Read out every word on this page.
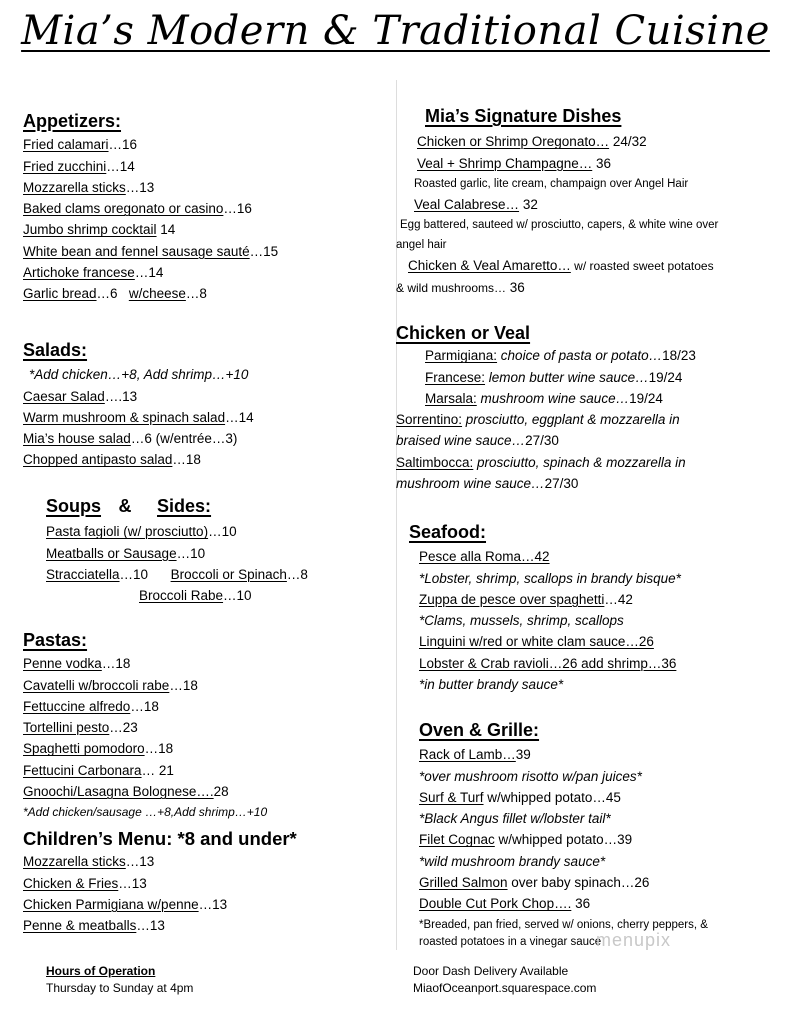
Mia’s Modern & Traditional Cuisine
Appetizers:
Fried calamari…16
Fried zucchini…14
Mozzarella sticks…13
Baked clams oregonato or casino…16
Jumbo shrimp cocktail 14
White bean and fennel sausage sauté…15
Artichoke francese…14
Garlic bread…6 w/cheese…8
Salads:
*Add chicken…+8, Add shrimp…+10
Caesar Salad….13
Warm mushroom & spinach salad…14
Mia’s house salad…6 (w/entrée…3)
Chopped antipasto salad…18
Soups & Sides:
Pasta fagioli (w/ prosciutto)…10
Meatballs or Sausage…10
Stracciatella…10 Broccoli or Spinach…8
Broccoli Rabe…10
Pastas:
Penne vodka…18
Cavatelli w/broccoli rabe…18
Fettuccine alfredo…18
Tortellini pesto…23
Spaghetti pomodoro…18
Fettucini Carbonara… 21
Gnoochi/Lasagna Bolognese….28
*Add chicken/sausage …+8,Add shrimp…+10
Children’s Menu: *8 and under*
Mozzarella sticks…13
Chicken & Fries…13
Chicken Parmigiana w/penne…13
Penne & meatballs…13
Mia’s Signature Dishes
Chicken or Shrimp Oregonato… 24/32
Veal + Shrimp Champagne… 36
Roasted garlic, lite cream, champaign over Angel Hair
Veal Calabrese… 32
Egg battered, sauteed w/ prosciutto, capers, & white wine over
angel hair
Chicken & Veal Amaretto… w/ roasted sweet potatoes
& wild mushrooms… 36
Chicken or Veal
Parmigiana: choice of pasta or potato…18/23
Francese: lemon butter wine sauce…19/24
Marsala: mushroom wine sauce…19/24
Sorrentino: prosciutto, eggplant & mozzarella in
braised wine sauce…27/30
Saltimbocca: prosciutto, spinach & mozzarella in
mushroom wine sauce…27/30
Seafood:
Pesce alla Roma…42
*Lobster, shrimp, scallops in brandy bisque*
Zuppa de pesce over spaghetti…42
*Clams, mussels, shrimp, scallops
Linguini w/red or white clam sauce…26
Lobster & Crab ravioli…26 add shrimp…36
*in butter brandy sauce*
Oven & Grille:
Rack of Lamb…39
*over mushroom risotto w/pan juices*
Surf & Turf w/whipped potato…45
*Black Angus fillet w/lobster tail*
Filet Cognac w/whipped potato…39
*wild mushroom brandy sauce*
Grilled Salmon over baby spinach…26
Double Cut Pork Chop…. 36
*Breaded, pan fried, served w/ onions, cherry peppers, &
roasted potatoes in a vinegar sauce
menupix
Hours of Operation
Thursday to Sunday at 4pm
Door Dash Delivery Available
MiaofOceanport.squarespace.com
